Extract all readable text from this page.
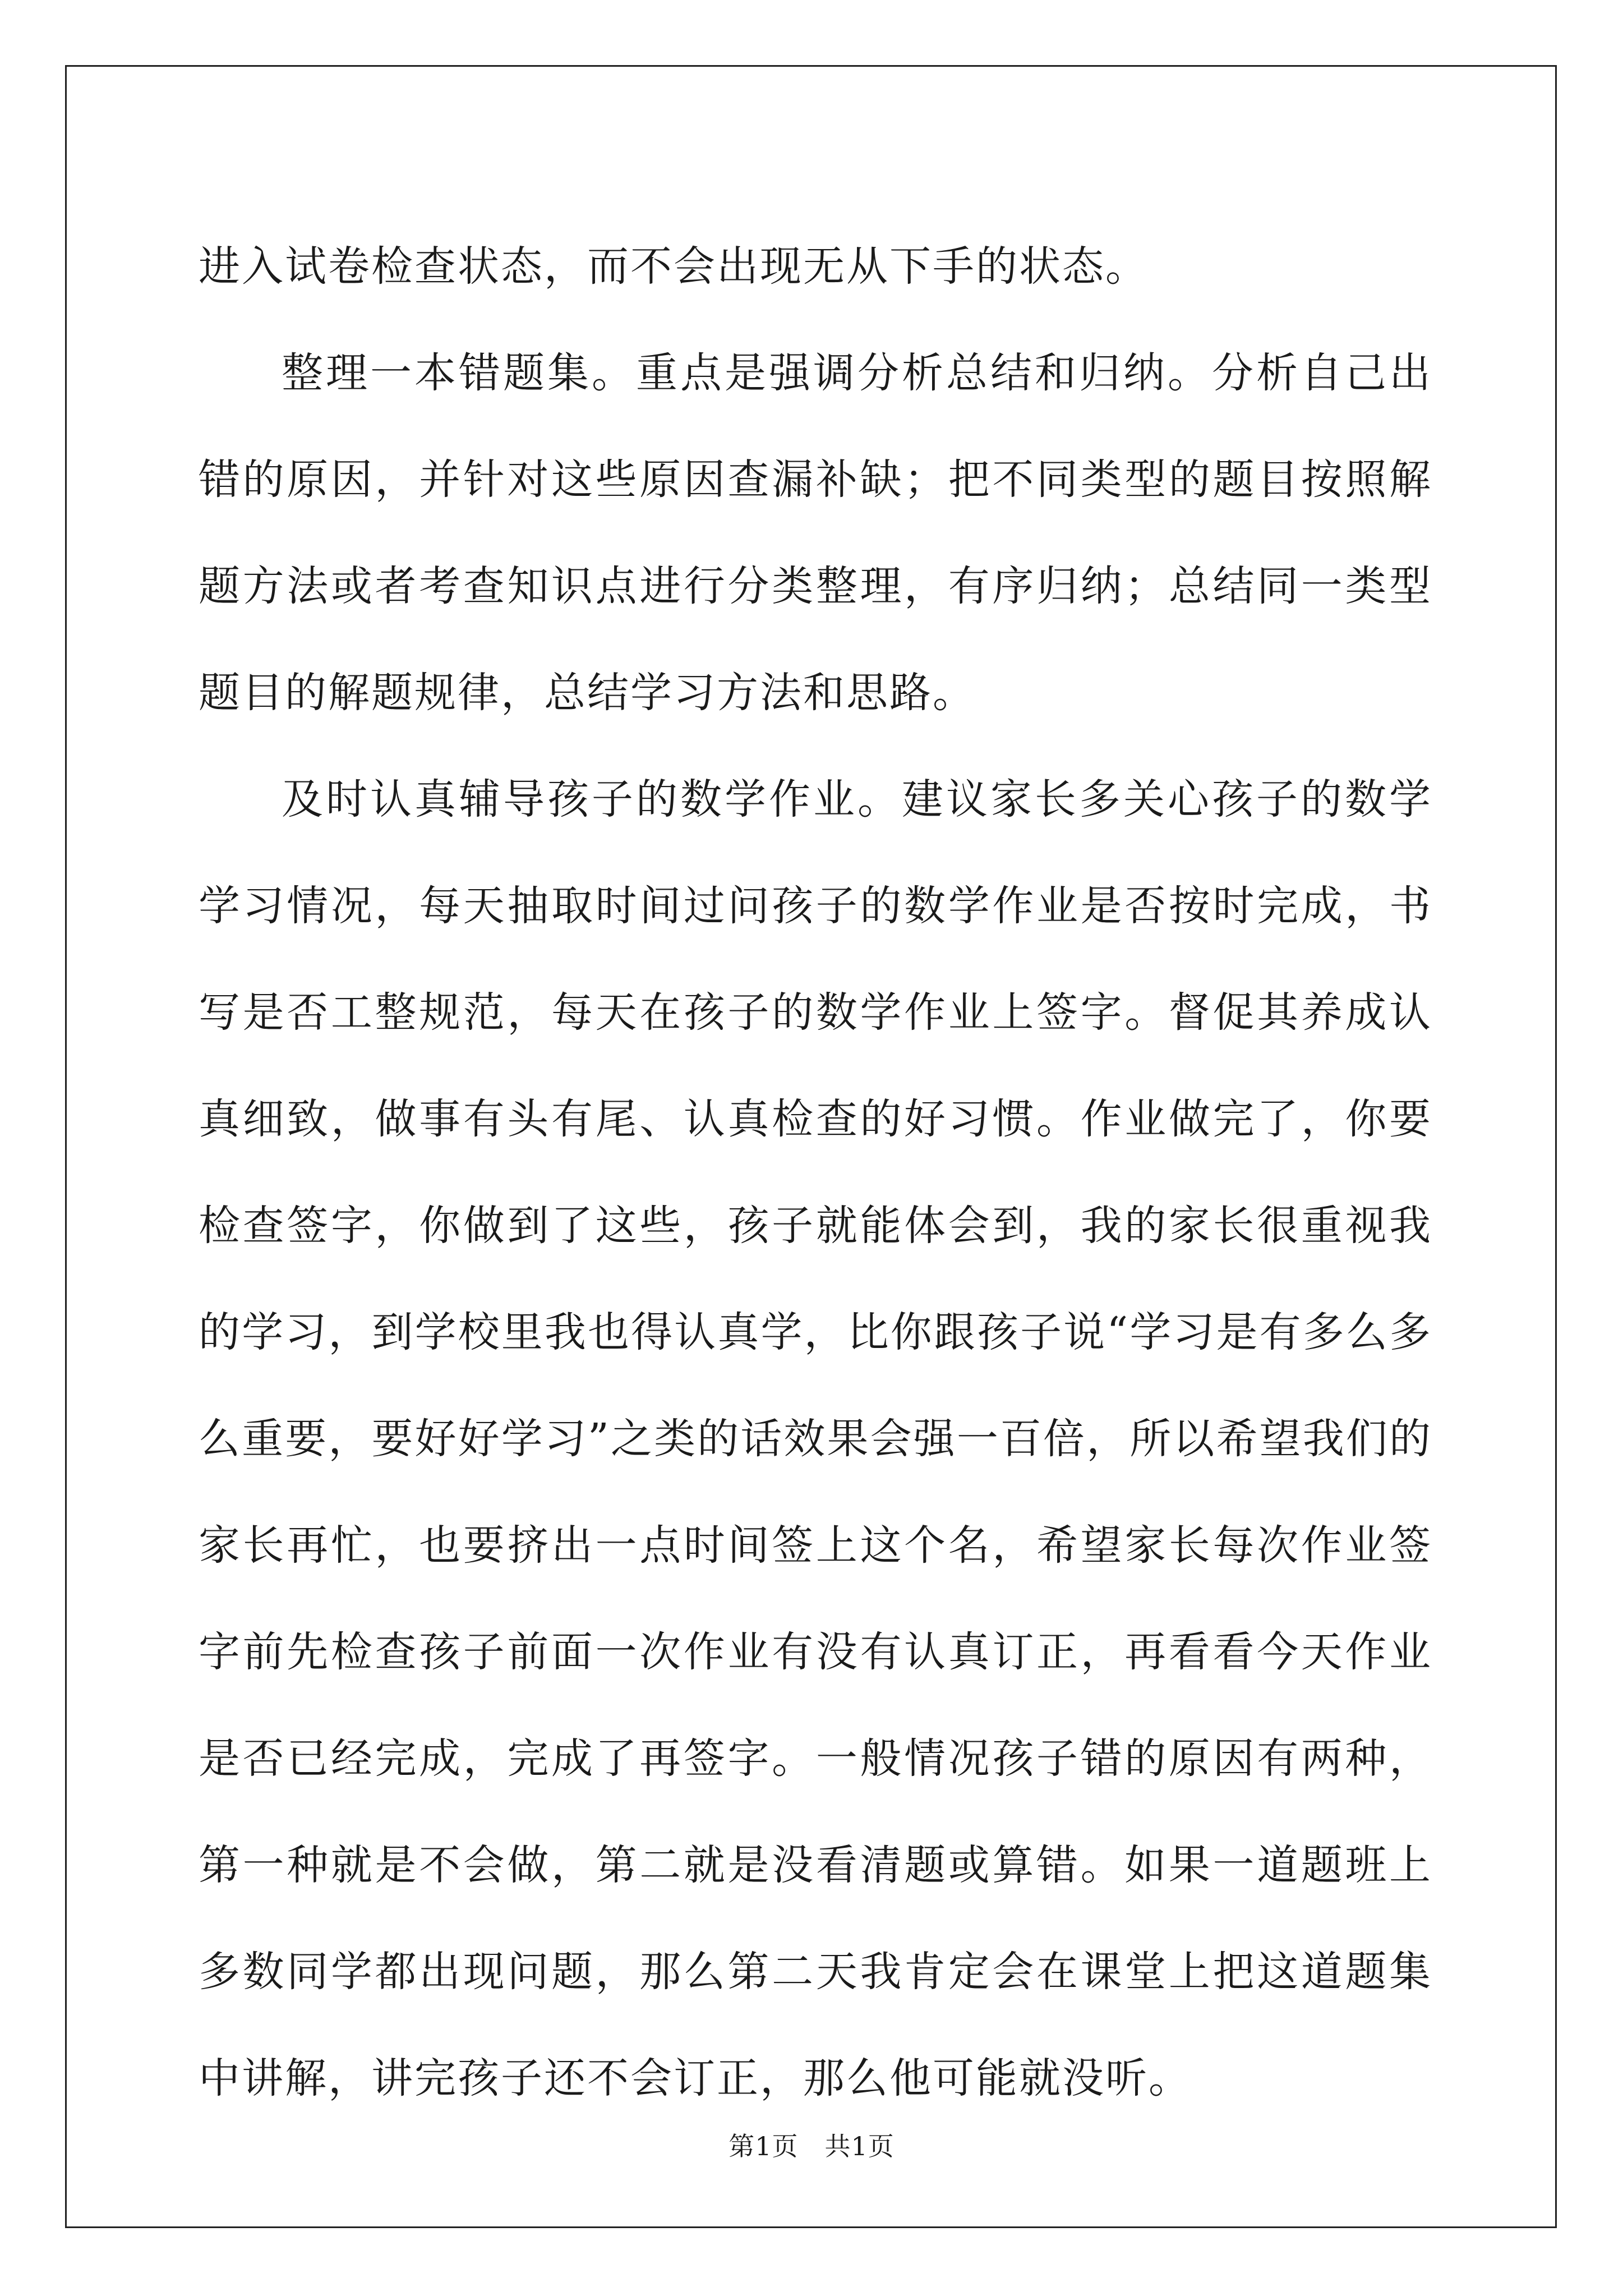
进入试卷检查状态，而不会出现无从下手的状态。

整理一本错题集。重点是强调分析总结和归纳。分析自己出错的原因，并针对这些原因查漏补缺；把不同类型的题目按照解题方法或者考查知识点进行分类整理，有序归纳；总结同一类型题目的解题规律，总结学习方法和思路。

及时认真辅导孩子的数学作业。建议家长多关心孩子的数学学习情况，每天抽取时间过问孩子的数学作业是否按时完成，书写是否工整规范，每天在孩子的数学作业上签字。督促其养成认真细致，做事有头有尾、认真检查的好习惯。作业做完了，你要检查签字，你做到了这些，孩子就能体会到，我的家长很重视我的学习，到学校里我也得认真学，比你跟孩子说“学习是有多么多么重要，要好好学习”之类的话效果会强一百倍，所以希望我们的家长再忙，也要挤出一点时间签上这个名，希望家长每次作业签字前先检查孩子前面一次作业有没有认真订正，再看看今天作业是否已经完成，完成了再签字。一般情况孩子错的原因有两种，第一种就是不会做，第二就是没看清题或算错。如果一道题班上多数同学都出现问题，那么第二天我肯定会在课堂上把这道题集中讲解，讲完孩子还不会订正，那么他可能就没听。

第1页　共1页
